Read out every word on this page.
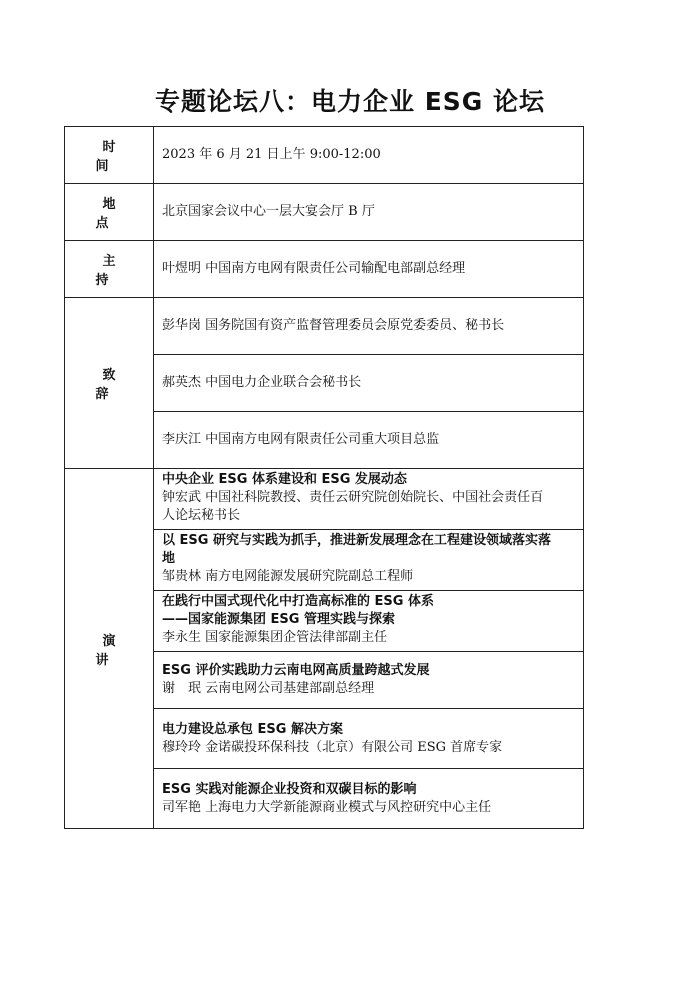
专题论坛八：电力企业 ESG 论坛
时　间	2023 年 6 月 21 日上午 9:00-12:00
地　点	北京国家会议中心一层大宴会厅 B 厅
主　持	叶煜明 中国南方电网有限责任公司输配电部副总经理
致　辞	彭华岗 国务院国有资产监督管理委员会原党委委员、秘书长
	郝英杰 中国电力企业联合会秘书长
	李庆江 中国南方电网有限责任公司重大项目总监
演　讲	中央企业 ESG 体系建设和 ESG 发展动态
钟宏武 中国社科院教授、责任云研究院创始院长、中国社会责任百
人论坛秘书长

	以 ESG 研究与实践为抓手，推进新发展理念在工程建设领域落实落
地
邹贵林 南方电网能源发展研究院副总工程师

	在践行中国式现代化中打造高标准的 ESG 体系
——国家能源集团 ESG 管理实践与探索
李永生 国家能源集团企管法律部副主任

	ESG 评价实践助力云南电网高质量跨越式发展
谢　珉 云南电网公司基建部副总经理

	电力建设总承包 ESG 解决方案
穆玲玲 金诺碳投环保科技（北京）有限公司 ESG 首席专家

	ESG 实践对能源企业投资和双碳目标的影响
司军艳 上海电力大学新能源商业模式与风控研究中心主任
